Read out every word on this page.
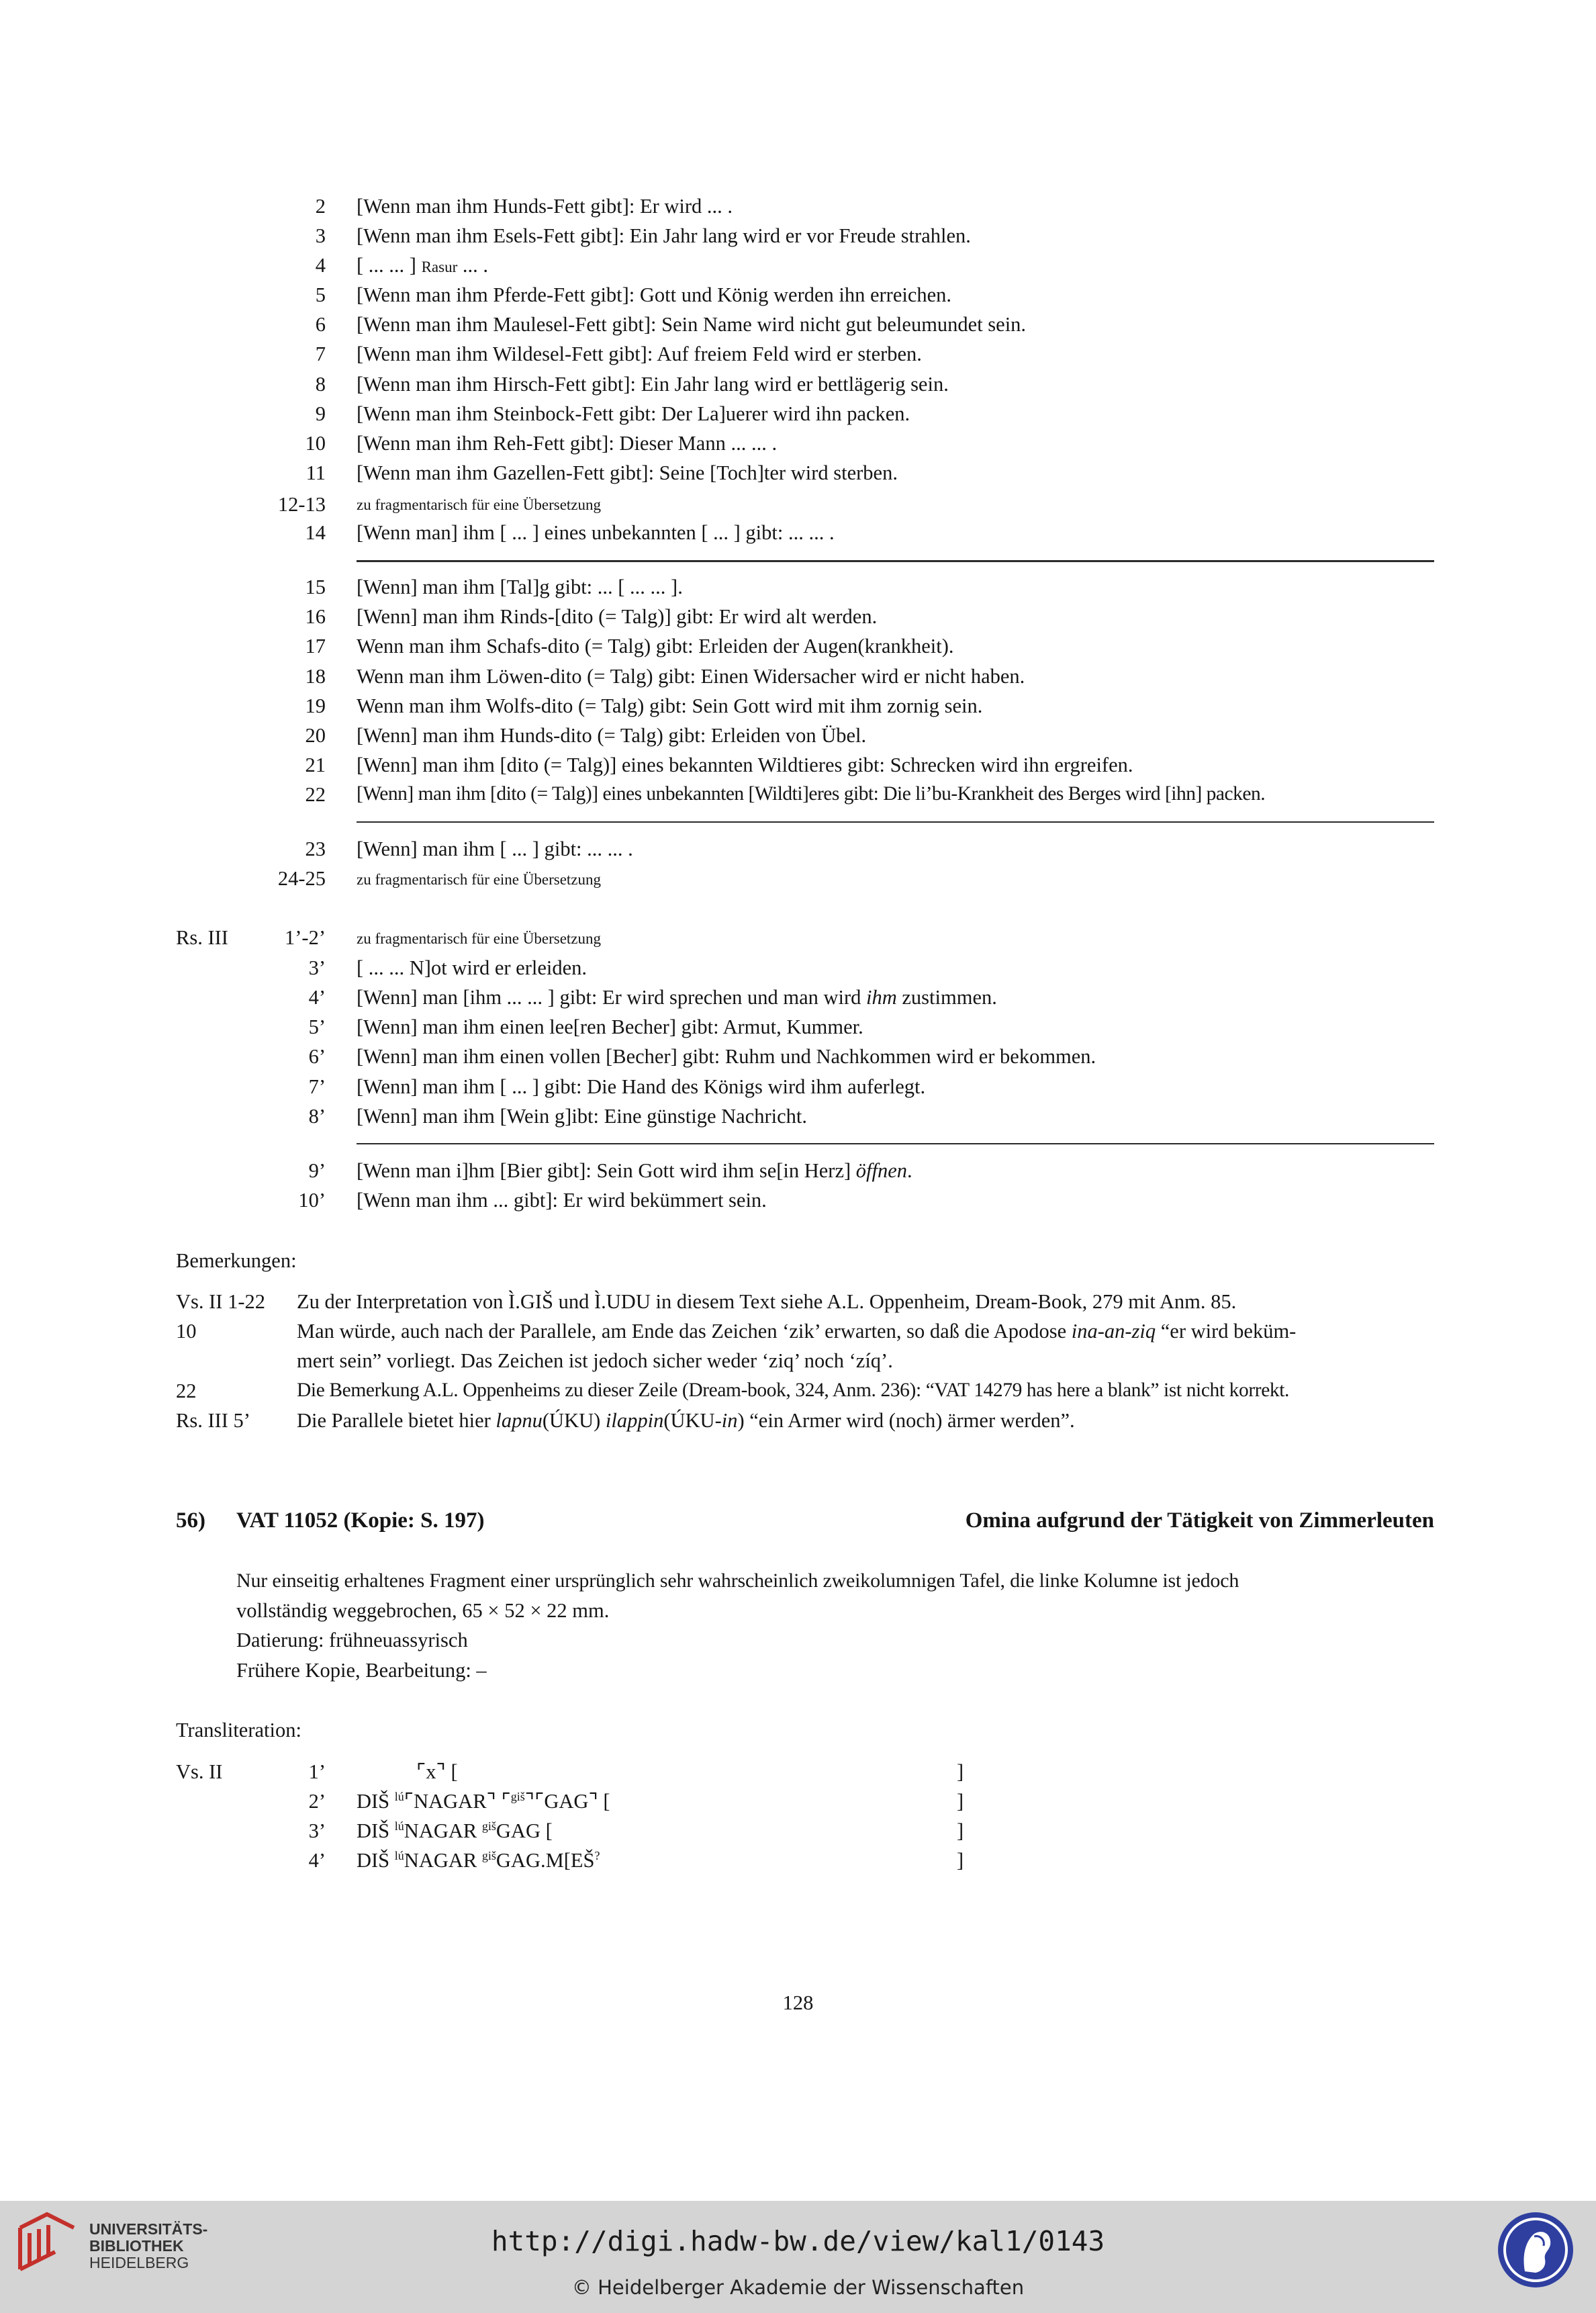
2 [Wenn man ihm Hunds-Fett gibt]: Er wird ... .
3 [Wenn man ihm Esels-Fett gibt]: Ein Jahr lang wird er vor Freude strahlen.
4 [ ... ... ] Rasur ... .
5 [Wenn man ihm Pferde-Fett gibt]: Gott und König werden ihn erreichen.
6 [Wenn man ihm Maulesel-Fett gibt]: Sein Name wird nicht gut beleumundet sein.
7 [Wenn man ihm Wildesel-Fett gibt]: Auf freiem Feld wird er sterben.
8 [Wenn man ihm Hirsch-Fett gibt]: Ein Jahr lang wird er bettlägerig sein.
9 [Wenn man ihm Steinbock-Fett gibt: Der La]uerer wird ihn packen.
10 [Wenn man ihm Reh-Fett gibt]: Dieser Mann ... ... .
11 [Wenn man ihm Gazellen-Fett gibt]: Seine [Toch]ter wird sterben.
12-13 zu fragmentarisch für eine Übersetzung
14 [Wenn man] ihm [ ... ] eines unbekannten [ ... ] gibt: ... ... .
15 [Wenn] man ihm [Tal]g gibt: ... [ ... ... ].
16 [Wenn] man ihm Rinds-[dito (= Talg)] gibt: Er wird alt werden.
17 Wenn man ihm Schafs-dito (= Talg) gibt: Erleiden der Augen(krankheit).
18 Wenn man ihm Löwen-dito (= Talg) gibt: Einen Widersacher wird er nicht haben.
19 Wenn man ihm Wolfs-dito (= Talg) gibt: Sein Gott wird mit ihm zornig sein.
20 [Wenn] man ihm Hunds-dito (= Talg) gibt: Erleiden von Übel.
21 [Wenn] man ihm [dito (= Talg)] eines bekannten Wildtieres gibt: Schrecken wird ihn ergreifen.
22 [Wenn] man ihm [dito (= Talg)] eines unbekannten [Wildti]eres gibt: Die li’bu-Krankheit des Berges wird [ihn] packen.
23 [Wenn] man ihm [ ... ] gibt: ... ... .
24-25 zu fragmentarisch für eine Übersetzung
Rs. III	1’-2’ zu fragmentarisch für eine Übersetzung
3’ [ ... ... N]ot wird er erleiden.
4’ [Wenn] man [ihm ... ... ] gibt: Er wird sprechen und man wird ihm zustimmen.
5’ [Wenn] man ihm einen lee[ren Becher] gibt: Armut, Kummer.
6’ [Wenn] man ihm einen vollen [Becher] gibt: Ruhm und Nachkommen wird er bekommen.
7’ [Wenn] man ihm [ ... ] gibt: Die Hand des Königs wird ihm auferlegt.
8’ [Wenn] man ihm [Wein g]ibt: Eine günstige Nachricht.
9’ [Wenn man i]hm [Bier gibt]: Sein Gott wird ihm se[in Herz] öffnen.
10’ [Wenn man ihm ... gibt]: Er wird bekümmert sein.
Bemerkungen:
Vs. II 1-22 Zu der Interpretation von Ì.GIŠ und Ì.UDU in diesem Text siehe A.L. Oppenheim, Dream-Book, 279 mit Anm. 85.
10	Man würde, auch nach der Parallele, am Ende das Zeichen ‘zik’ erwarten, so daß die Apodose ina-an-ziq “er wird beküm-
mert sein” vorliegt. Das Zeichen ist jedoch sicher weder ‘ziq’ noch ‘zíq’.
22	Die Bemerkung A.L. Oppenheims zu dieser Zeile (Dream-book, 324, Anm. 236): “VAT 14279 has here a blank” ist nicht korrekt.
Rs. III 5’ Die Parallele bietet hier lapnu(ÚKU) ilappin(ÚKU-in) “ein Armer wird (noch) ärmer werden”.
56) VAT 11052 (Kopie: S. 197)	Omina aufgrund der Tätigkeit von Zimmerleuten
Nur einseitig erhaltenes Fragment einer ursprünglich sehr wahrscheinlich zweikolumnigen Tafel, die linke Kolumne ist jedoch
vollständig weggebrochen, 65 × 52 × 22 mm.
Datierung: frühneuassyrisch
Frühere Kopie, Bearbeitung: –
Transliteration:
Vs. II	1’	⌜x⌝ [	]
2’ DIŠ $^{lú}$⌜NAGAR⌝ ⌜$^{giš}$⌝⌜GAG⌝ [	]
3’ DIŠ $^{lú}$NAGAR $^{giš}$GAG [	]
4’ DIŠ $^{lú}$NAGAR $^{giš}$GAG.M[EŠ?	]
128
UNIVERSITÄTS-
BIBLIOTHEK
HEIDELBERG
http://digi.hadw-bw.de/view/kal1/0143
© Heidelberger Akademie der Wissenschaften
